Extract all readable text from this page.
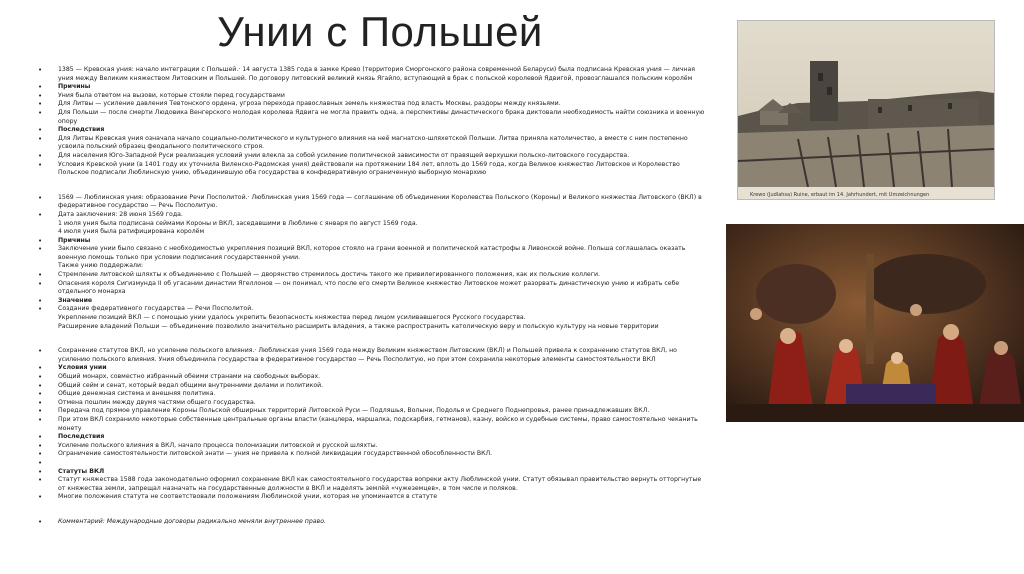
Унии с Польшей
•	1385 — Кревская уния: начало интеграции с Польшей.· 14 августа 1385 года в замке Крево (территория Сморгонского района современной Беларуси) была подписана Кревская уния — личная уния между Великим княжеством Литовским и Польшей. По договору литовский великий князь Ягайло, вступающий в брак с польской королевой Ядвигой, провозглашался польским королём
•	Причины
•	Уния была ответом на вызови, которые стояли перед государствами
•	Для Литвы — усиление давления Тевтонского ордена, угроза перехода православных земель княжества под власть Москвы, раздоры между князьями.
•	Для Польши — после смерти Людовика Венгерского молодая королева Ядвига не могла править одна, а перспективы династического брака диктовали необходимость найти союзника и военную опору
•	Последствия
•	Для Литвы Кревская уния означала начало социально-политического и культурного влияния на неё магнатско-шляхетской Польши. Литва приняла католичество, а вместе с ним постепенно усвоила польский образец феодального политического строя.
•	Для населения Юго-Западной Руси реализация условий унии влекла за собой усиление политической зависимости от правящей верхушки польско-литовского государства.
•	Условия Кревской унии (в 1401 году их уточнила Виленско-Радомская уния) действовали на протяжении 184 лет, вплоть до 1569 года, когда Великое княжество Литовское и Королевство Польское подписали Люблинскую унию, объединившую оба государства в конфедеративную ограниченную выборную монархию
•	1569 — Люблинская уния: образование Речи Посполитой.· Люблинская уния 1569 года — соглашение об объединении Королевства Польского (Короны) и Великого княжества Литовского (ВКЛ) в федеративное государство — Речь Посполитую.
•	Дата заключения: 28 июня 1569 года.
1 июля уния была подписана сеймами Короны и ВКЛ, заседавшими в Люблине с января по август 1569 года.
4 июля уния была ратифицирована королём
•	Причины
•	Заключение унии было связано с необходимостью укрепления позиций ВКЛ, которое стояло на грани военной и политической катастрофы в Ливонской войне. Польша соглашалась оказать военную помощь только при условии подписания государственной унии.
Также унию поддержали:
•	Стремление литовской шляхты к объединению с Польшей — дворянство стремилось достичь такого же привилегированного положения, как их польские коллеги.
•	Опасения короля Сигизмунда II об угасании династии Ягеллонов — он понимал, что после его смерти Великое княжество Литовское может разорвать династическую унию и избрать себе отдельного монарха
•	Значение
•	Создание федеративного государства — Речи Посполитой.
Укрепление позиций ВКЛ — с помощью унии удалось укрепить безопасность княжества перед лицом усиливавшегося Русского государства.
Расширение владений Польши — объединение позволило значительно расширить владения, а также распространить католическую веру и польскую культуру на новые территории
•	Сохранение статутов ВКЛ, но усиление польского влияния.· Люблинская уния 1569 года между Великим княжеством Литовским (ВКЛ) и Польшей привела к сохранению статутов ВКЛ, но усилению польского влияния. Уния объединила государства в федеративное государство — Речь Посполитую, но при этом сохранила некоторые элементы самостоятельности ВКЛ
•	Условия унии
•	Общий монарх, совместно избранный обеими странами на свободных выборах.
•	Общий сейм и сенат, который ведал общими внутренними делами и политикой.
•	Общие денежная система и внешняя политика.
•	Отмена пошлин между двумя частями общего государства.
•	Передача под прямое управление Короны Польской обширных территорий Литовской Руси — Подляшья, Волыни, Подолья и Среднего Поднепровья, ранее принадлежавших ВКЛ.
•	При этом ВКЛ сохранило некоторые собственные центральные органы власти (канцлера, маршалка, подскарбия, гетманов), казну, войско и судебные системы, право самостоятельно чеканить монету
•	Последствия
•	Усиление польского влияния в ВКЛ, начало процесса полонизации литовской и русской шляхты.
•	Ограничение самостоятельности литовской знати — уния не привела к полной ликвидации государственной обособленности ВКЛ.
•
•	Статуты ВКЛ
•	Статут княжества 1588 года законодательно оформил сохранение ВКЛ как самостоятельного государства вопреки акту Люблинской унии. Статут обязывал правительство вернуть отторгнутые от княжества земли, запрещал назначать на государственные должности в ВКЛ и наделять землёй «чужеземцев», в том числе и поляков.
•	Многие положения статута не соответствовали положениям Люблинской унии, которая не упоминается в статуте
•	Комментарий: Международные договоры радикально меняли внутреннее право.
Krewo (Judlahsa) Ruine, erbaut im 14. Jahrhundert, mit Umzeichnungen
